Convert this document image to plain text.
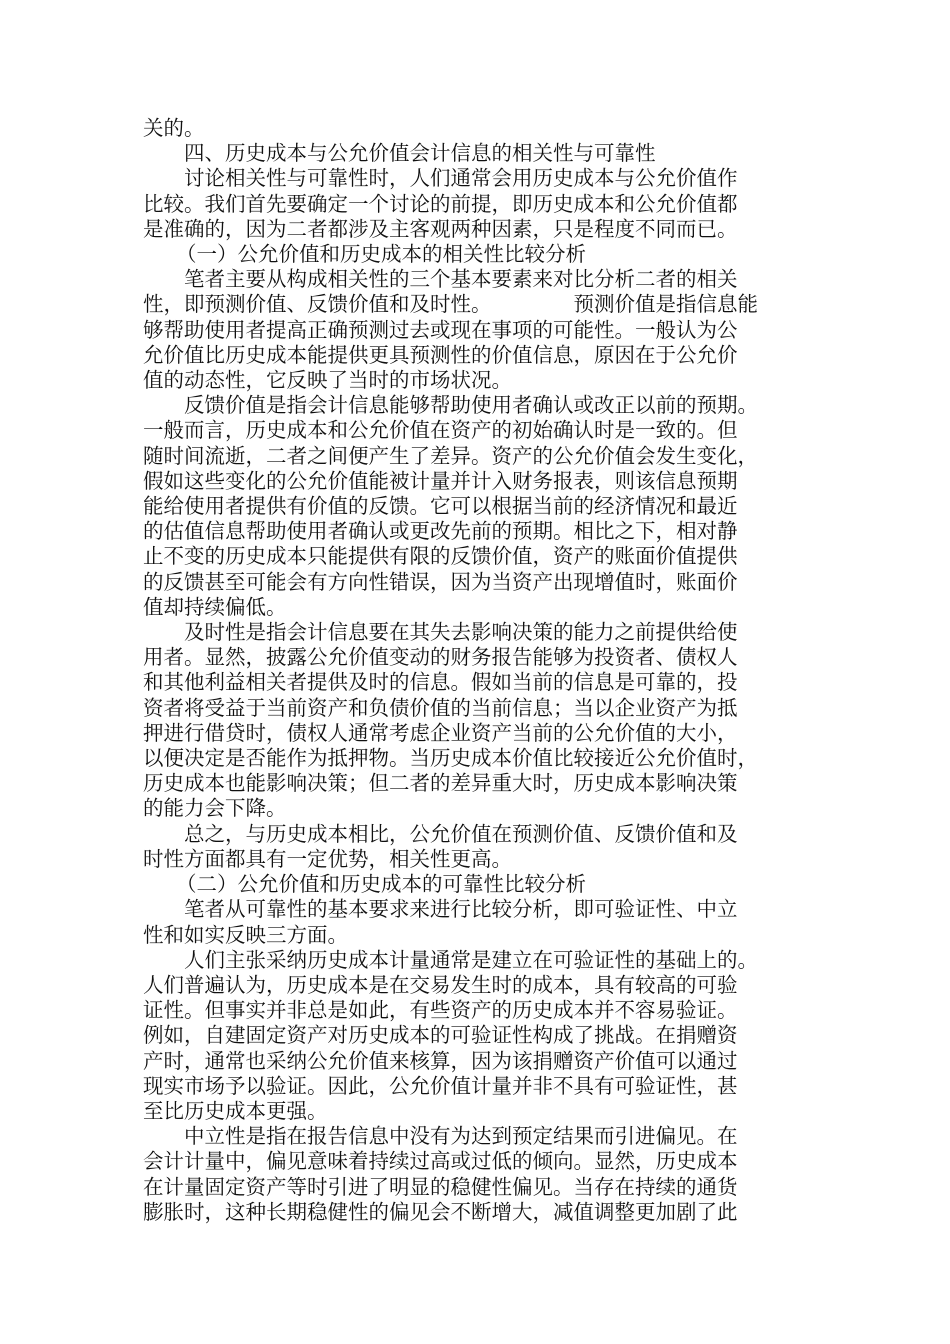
关的。
四、历史成本与公允价值会计信息的相关性与可靠性
讨论相关性与可靠性时，人们通常会用历史成本与公允价值作
比较。我们首先要确定一个讨论的前提，即历史成本和公允价值都
是准确的，因为二者都涉及主客观两种因素，只是程度不同而已。
（一）公允价值和历史成本的相关性比较分析
笔者主要从构成相关性的三个基本要素来对比分析二者的相关
性，即预测价值、反馈价值和及时性。	预测价值是指信息能
够帮助使用者提高正确预测过去或现在事项的可能性。一般认为公
允价值比历史成本能提供更具预测性的价值信息，原因在于公允价
值的动态性，它反映了当时的市场状况。
反馈价值是指会计信息能够帮助使用者确认或改正以前的预期。
一般而言，历史成本和公允价值在资产的初始确认时是一致的。但
随时间流逝，二者之间便产生了差异。资产的公允价值会发生变化，
假如这些变化的公允价值能被计量并计入财务报表，则该信息预期
能给使用者提供有价值的反馈。它可以根据当前的经济情况和最近
的估值信息帮助使用者确认或更改先前的预期。相比之下，相对静
止不变的历史成本只能提供有限的反馈价值，资产的账面价值提供
的反馈甚至可能会有方向性错误，因为当资产出现增值时，账面价
值却持续偏低。
及时性是指会计信息要在其失去影响决策的能力之前提供给使
用者。显然，披露公允价值变动的财务报告能够为投资者、债权人
和其他利益相关者提供及时的信息。假如当前的信息是可靠的，投
资者将受益于当前资产和负债价值的当前信息；当以企业资产为抵
押进行借贷时，债权人通常考虑企业资产当前的公允价值的大小，
以便决定是否能作为抵押物。当历史成本价值比较接近公允价值时，
历史成本也能影响决策；但二者的差异重大时，历史成本影响决策
的能力会下降。
总之，与历史成本相比，公允价值在预测价值、反馈价值和及
时性方面都具有一定优势，相关性更高。
（二）公允价值和历史成本的可靠性比较分析
笔者从可靠性的基本要求来进行比较分析，即可验证性、中立
性和如实反映三方面。
人们主张采纳历史成本计量通常是建立在可验证性的基础上的。
人们普遍认为，历史成本是在交易发生时的成本，具有较高的可验
证性。但事实并非总是如此，有些资产的历史成本并不容易验证。
例如，自建固定资产对历史成本的可验证性构成了挑战。在捐赠资
产时，通常也采纳公允价值来核算，因为该捐赠资产价值可以通过
现实市场予以验证。因此，公允价值计量并非不具有可验证性，甚
至比历史成本更强。
中立性是指在报告信息中没有为达到预定结果而引进偏见。在
会计计量中，偏见意味着持续过高或过低的倾向。显然，历史成本
在计量固定资产等时引进了明显的稳健性偏见。当存在持续的通货
膨胀时，这种长期稳健性的偏见会不断增大，减值调整更加剧了此
